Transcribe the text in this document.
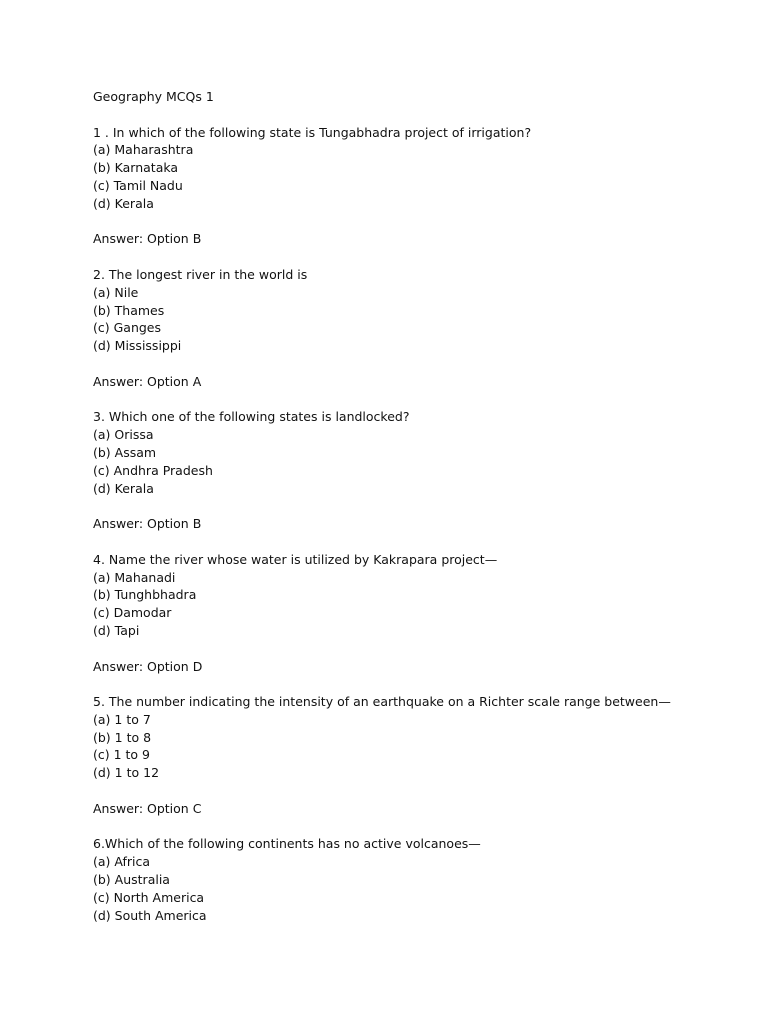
Geography MCQs 1
1 . In which of the following state is Tungabhadra project of irrigation?
(a) Maharashtra
(b) Karnataka
(c) Tamil Nadu
(d) Kerala
Answer: Option B
2. The longest river in the world is
(a) Nile
(b) Thames
(c) Ganges
(d) Mississippi
Answer: Option A
3. Which one of the following states is landlocked?
(a) Orissa
(b) Assam
(c) Andhra Pradesh
(d) Kerala
Answer: Option B
4. Name the river whose water is utilized by Kakrapara project—
(a) Mahanadi
(b) Tunghbhadra
(c) Damodar
(d) Tapi
Answer: Option D
5. The number indicating the intensity of an earthquake on a Richter scale range between—
(a) 1 to 7
(b) 1 to 8
(c) 1 to 9
(d) 1 to 12
Answer: Option C
6.Which of the following continents has no active volcanoes—
(a) Africa
(b) Australia
(c) North America
(d) South America
